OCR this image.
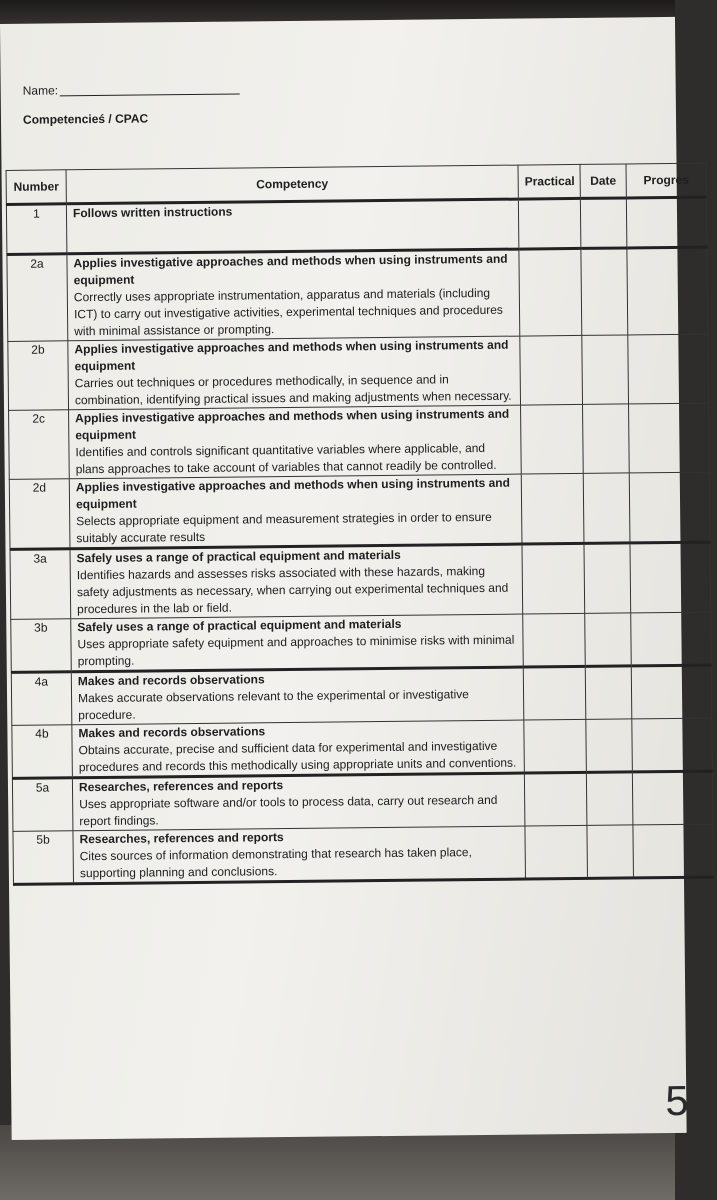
Name:
Competencieś / CPAC
Number	Competency	Practical	Date	Progres
1	Follows written instructions			

2a	Applies investigative approaches and methods when using instruments and equipment
Correctly uses appropriate instrumentation, apparatus and materials (including ICT) to carry out investigative activities, experimental techniques and procedures with minimal assistance or prompting.			

2b	Applies investigative approaches and methods when using instruments and equipment
Carries out techniques or procedures methodically, in sequence and in combination, identifying practical issues and making adjustments when necessary.			

2c	Applies investigative approaches and methods when using instruments and equipment
Identifies and controls significant quantitative variables where applicable, and plans approaches to take account of variables that cannot readily be controlled.			

2d	Applies investigative approaches and methods when using instruments and equipment
Selects appropriate equipment and measurement strategies in order to ensure suitably accurate results			

3a	Safely uses a range of practical equipment and materials
Identifies hazards and assesses risks associated with these hazards, making safety adjustments as necessary, when carrying out experimental techniques and procedures in the lab or field.			

3b	Safely uses a range of practical equipment and materials
Uses appropriate safety equipment and approaches to minimise risks with minimal prompting.			

4a	Makes and records observations
Makes accurate observations relevant to the experimental or investigative procedure.			

4b	Makes and records observations
Obtains accurate, precise and sufficient data for experimental and investigative procedures and records this methodically using appropriate units and conventions.			

5a	Researches, references and reports
Uses appropriate software and/or tools to process data, carry out research and report findings.			

5b	Researches, references and reports
Cites sources of information demonstrating that research has taken place, supporting planning and conclusions.			

5
